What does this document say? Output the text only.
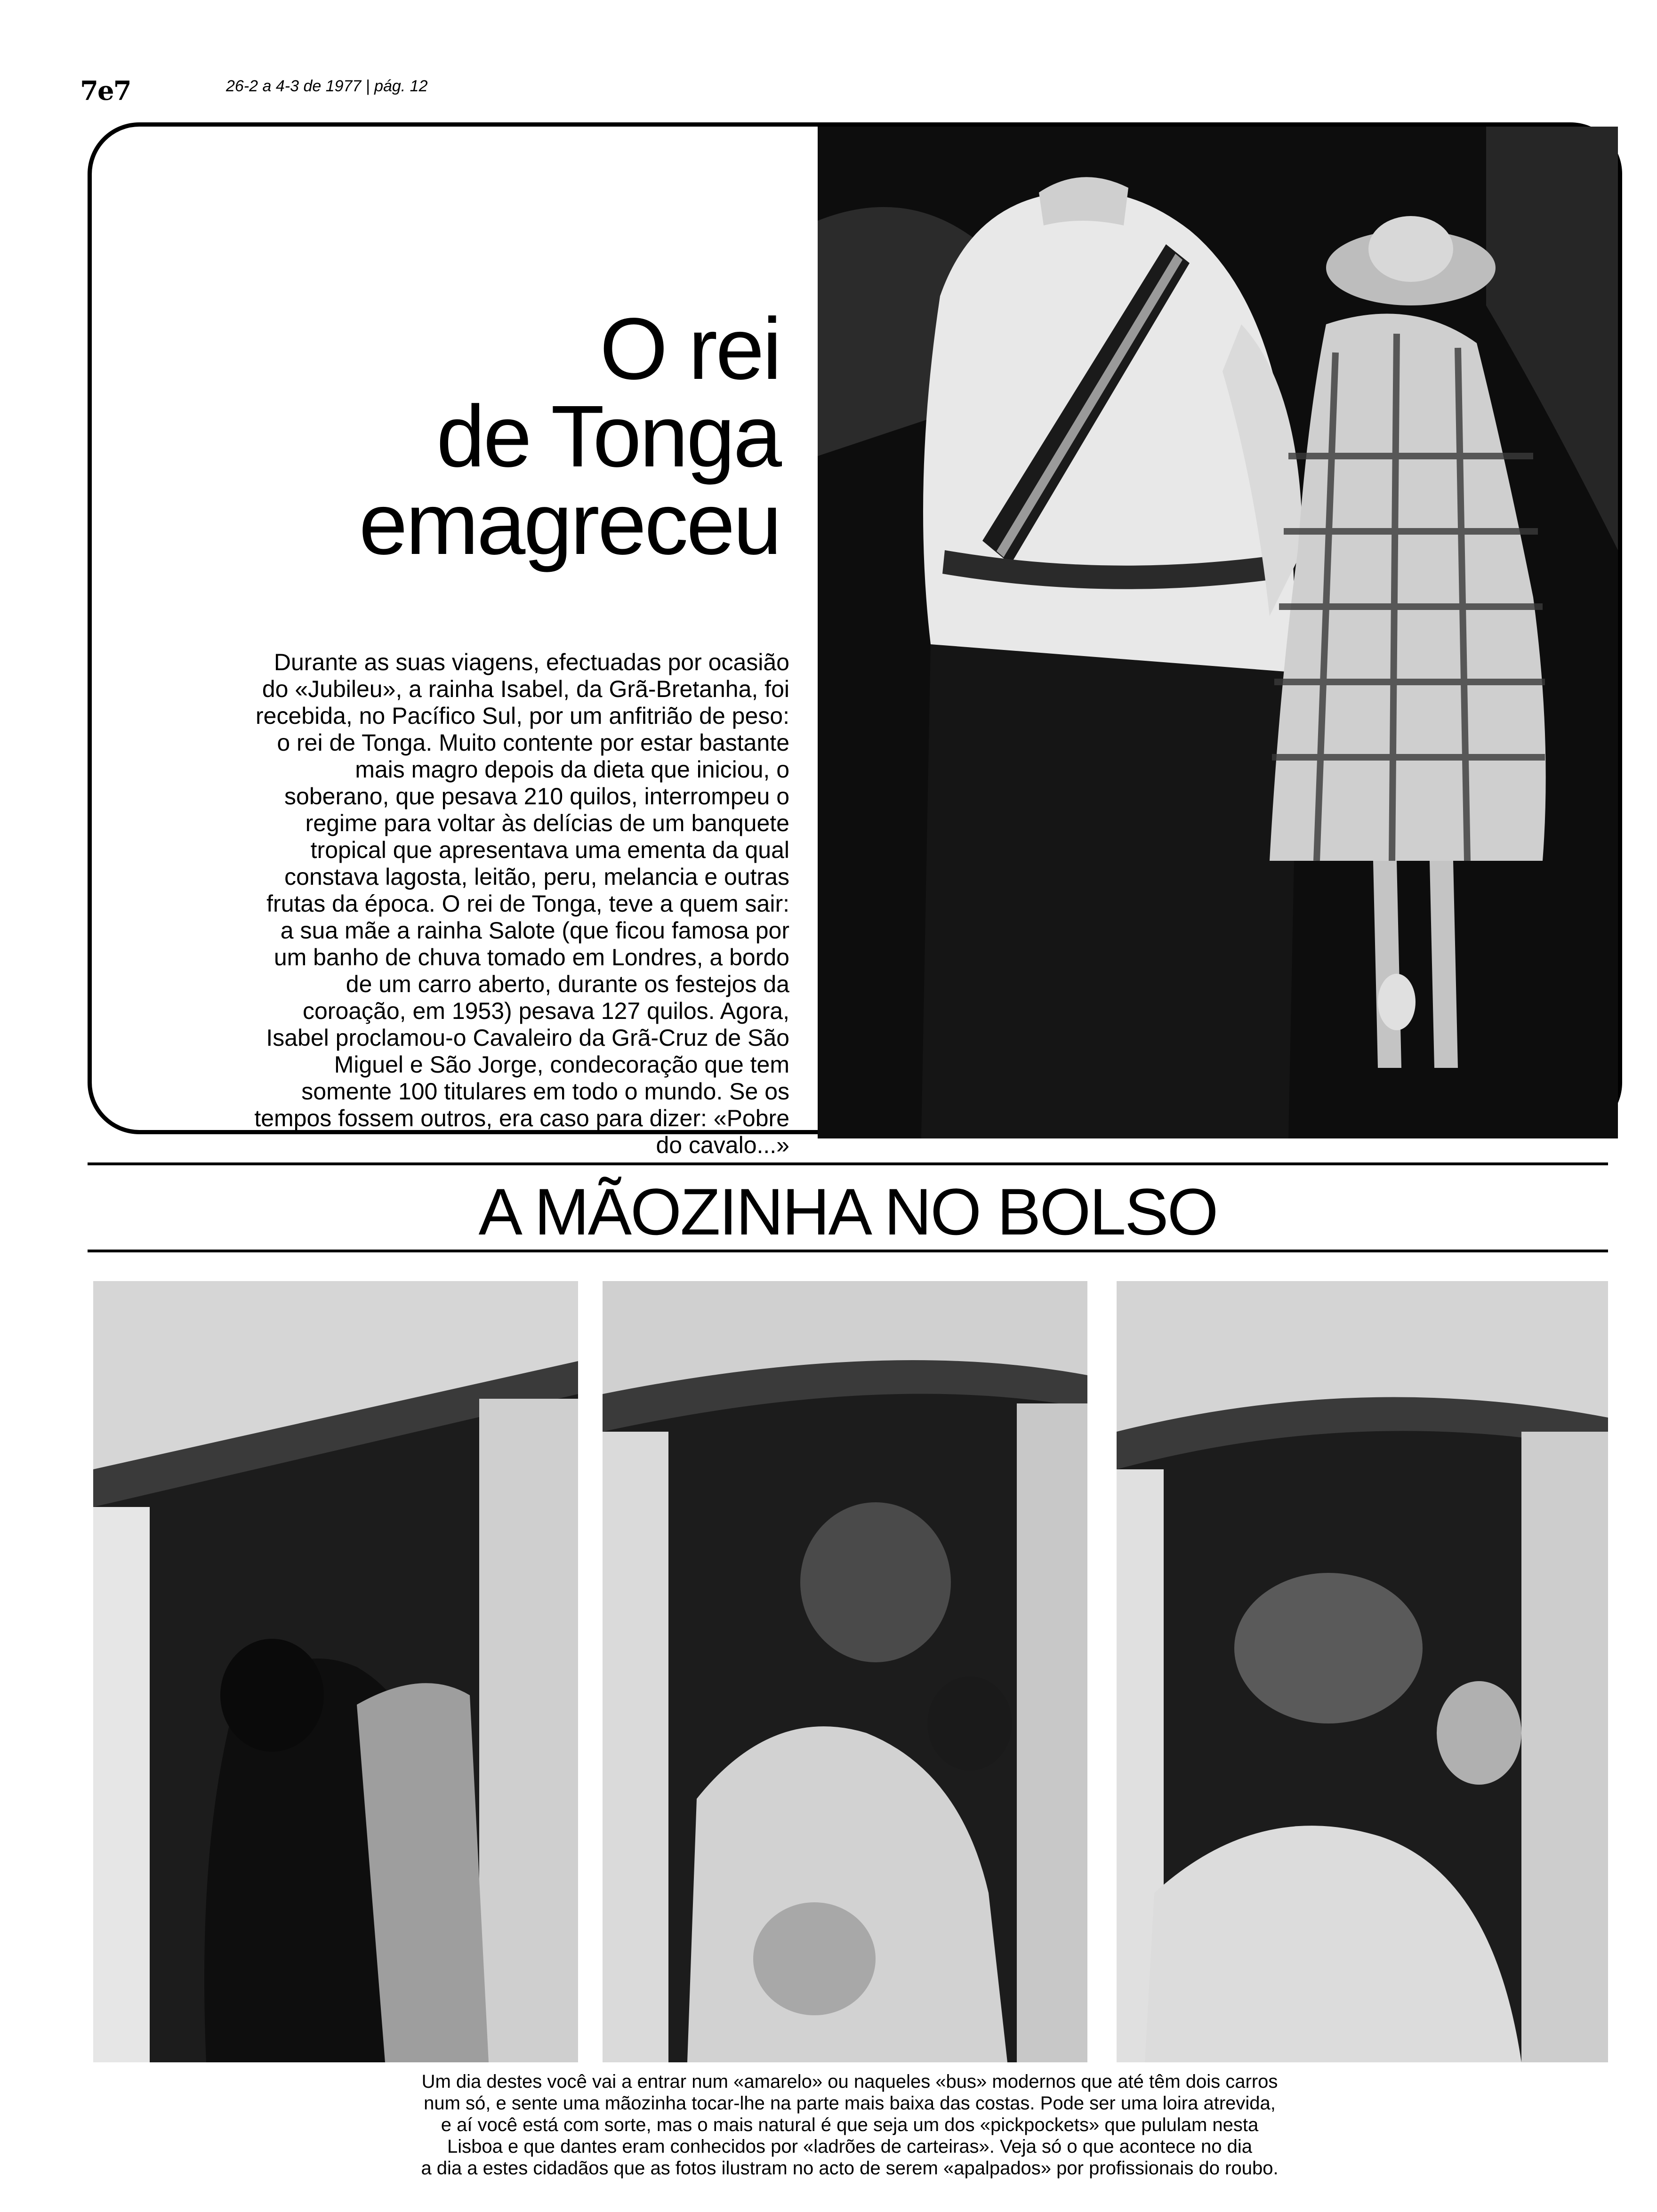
7e7	26-2 a 4-3 de 1977 | pág. 12
O rei
de Tonga
emagreceu
Durante as suas viagens, efectuadas por ocasião
do «Jubileu», a rainha Isabel, da Grã-Bretanha, foi
recebida, no Pacífico Sul, por um anfitrião de peso:
o rei de Tonga. Muito contente por estar bastante
mais magro depois da dieta que iniciou, o
soberano, que pesava 210 quilos, interrompeu o
regime para voltar às delícias de um banquete
tropical que apresentava uma ementa da qual
constava lagosta, leitão, peru, melancia e outras
frutas da época. O rei de Tonga, teve a quem sair:
a sua mãe a rainha Salote (que ficou famosa por
um banho de chuva tomado em Londres, a bordo
de um carro aberto, durante os festejos da
coroação, em 1953) pesava 127 quilos. Agora,
Isabel proclamou-o Cavaleiro da Grã-Cruz de São
Miguel e São Jorge, condecoração que tem
somente 100 titulares em todo o mundo. Se os
tempos fossem outros, era caso para dizer: «Pobre
do cavalo...»
A MÃOZINHA NO BOLSO
Um dia destes você vai a entrar num «amarelo» ou naqueles «bus» modernos que até têm dois carros
num só, e sente uma mãozinha tocar-lhe na parte mais baixa das costas. Pode ser uma loira atrevida,
e aí você está com sorte, mas o mais natural é que seja um dos «pickpockets» que pululam nesta
Lisboa e que dantes eram conhecidos por «ladrões de carteiras». Veja só o que acontece no dia
a dia a estes cidadãos que as fotos ilustram no acto de serem «apalpados» por profissionais do roubo.
